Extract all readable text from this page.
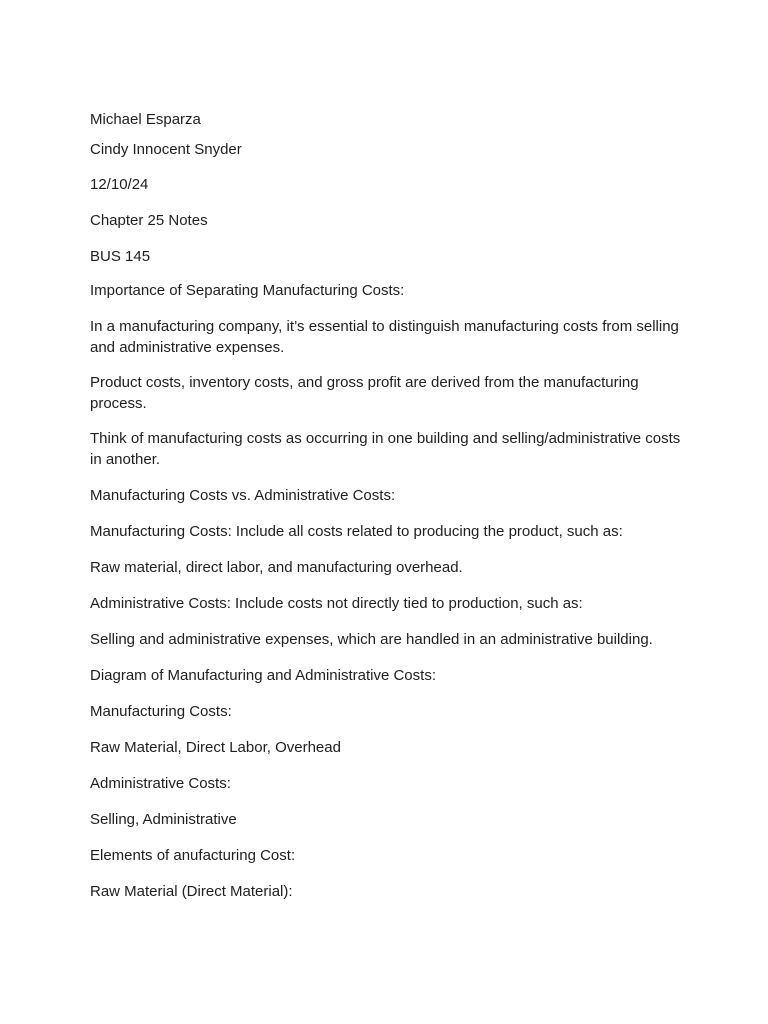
Michael Esparza

Cindy Innocent Snyder

12/10/24

Chapter 25 Notes

BUS 145

Importance of Separating Manufacturing Costs:

In a manufacturing company, it’s essential to distinguish manufacturing costs from selling and administrative expenses.

Product costs, inventory costs, and gross profit are derived from the manufacturing process.

Think of manufacturing costs as occurring in one building and selling/administrative costs in another.

Manufacturing Costs vs. Administrative Costs:

Manufacturing Costs: Include all costs related to producing the product, such as:

Raw material, direct labor, and manufacturing overhead.

Administrative Costs: Include costs not directly tied to production, such as:

Selling and administrative expenses, which are handled in an administrative building.

Diagram of Manufacturing and Administrative Costs:

Manufacturing Costs:

Raw Material, Direct Labor, Overhead

Administrative Costs:

Selling, Administrative

Elements of anufacturing Cost:

Raw Material (Direct Material):
